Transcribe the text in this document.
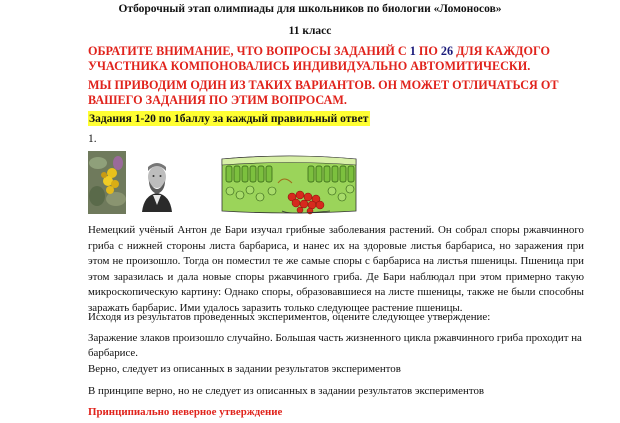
Отборочный этап олимпиады для школьников по биологии «Ломоносов»
11 класс
ОБРАТИТЕ ВНИМАНИЕ, ЧТО ВОПРОСЫ ЗАДАНИЙ С 1 ПО 26 ДЛЯ КАЖДОГО УЧАСТНИКА КОМПОНОВАЛИСЬ ИНДИВИДУАЛЬНО АВТОМИТИЧЕСКИ.
МЫ ПРИВОДИМ ОДИН ИЗ ТАКИХ ВАРИАНТОВ. ОН МОЖЕТ ОТЛИЧАТЬСЯ ОТ ВАШЕГО ЗАДАНИЯ ПО ЭТИМ ВОПРОСАМ.
Задания 1-20 по 1баллу за каждый правильный ответ
1.
Немецкий учёный Антон де Бари изучал грибные заболевания растений. Он собрал споры ржавчинного гриба с нижней стороны листа барбариса, и нанес их на здоровые листья барбариса, но заражения при этом не произошло. Тогда он поместил те же самые споры с барбариса на листья пшеницы. Пшеница при этом заразилась и дала новые споры ржавчинного гриба. Де Бари наблюдал при этом примерно такую микроскопическую картину: Однако споры, образовавшиеся на листе пшеницы, также не были способны заражать барбарис. Ими удалось заразить только следующее растение пшеницы.
Исходя из результатов проведенных экспериментов, оцените следующее утверждение:
Заражение злаков произошло случайно. Большая часть жизненного цикла ржавчинного гриба проходит на барбарисе.
Верно, следует из описанных в задании результатов экспериментов
В принципе верно, но не следует из описанных в задании результатов экспериментов
Принципиально неверное утверждение
